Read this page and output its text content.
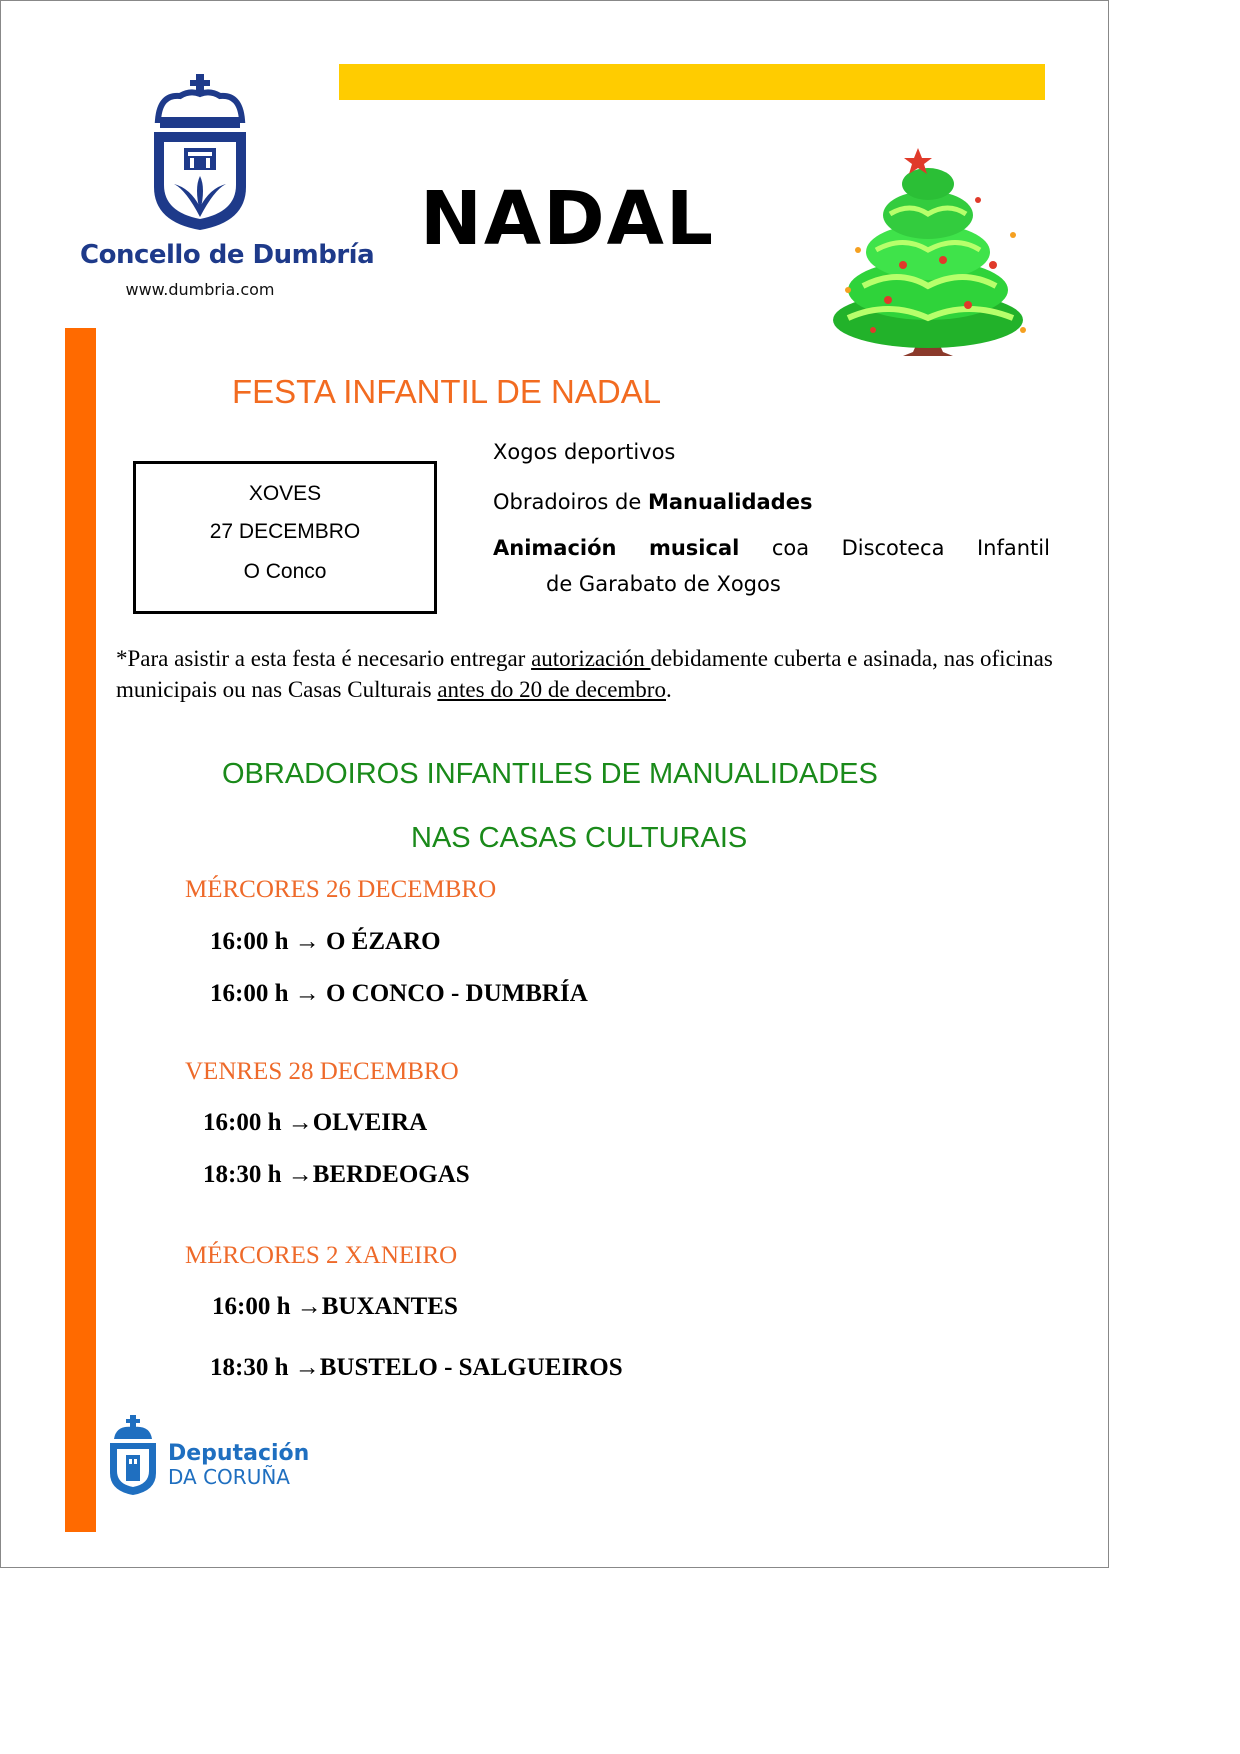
Concello de Dumbría
www.dumbria.com
NADAL
FESTA INFANTIL DE NADAL
XOVES
27 DECEMBRO
O Conco
Xogos deportivos
Obradoiros de Manualidades
Animación musical coa Discoteca Infantil
de Garabato de Xogos
*Para asistir a esta festa é necesario entregar autorización debidamente cuberta e asinada, nas oficinas municipais ou nas Casas Culturais antes do 20 de decembro.
OBRADOIROS INFANTILES DE MANUALIDADES
NAS CASAS CULTURAIS
MÉRCORES 26 DECEMBRO
16:00 h → O ÉZARO
16:00 h → O CONCO - DUMBRÍA
VENRES 28 DECEMBRO
16:00 h →OLVEIRA
18:30 h →BERDEOGAS
MÉRCORES 2 XANEIRO
16:00 h →BUXANTES
18:30 h →BUSTELO - SALGUEIROS
Deputación
DA CORUÑA
